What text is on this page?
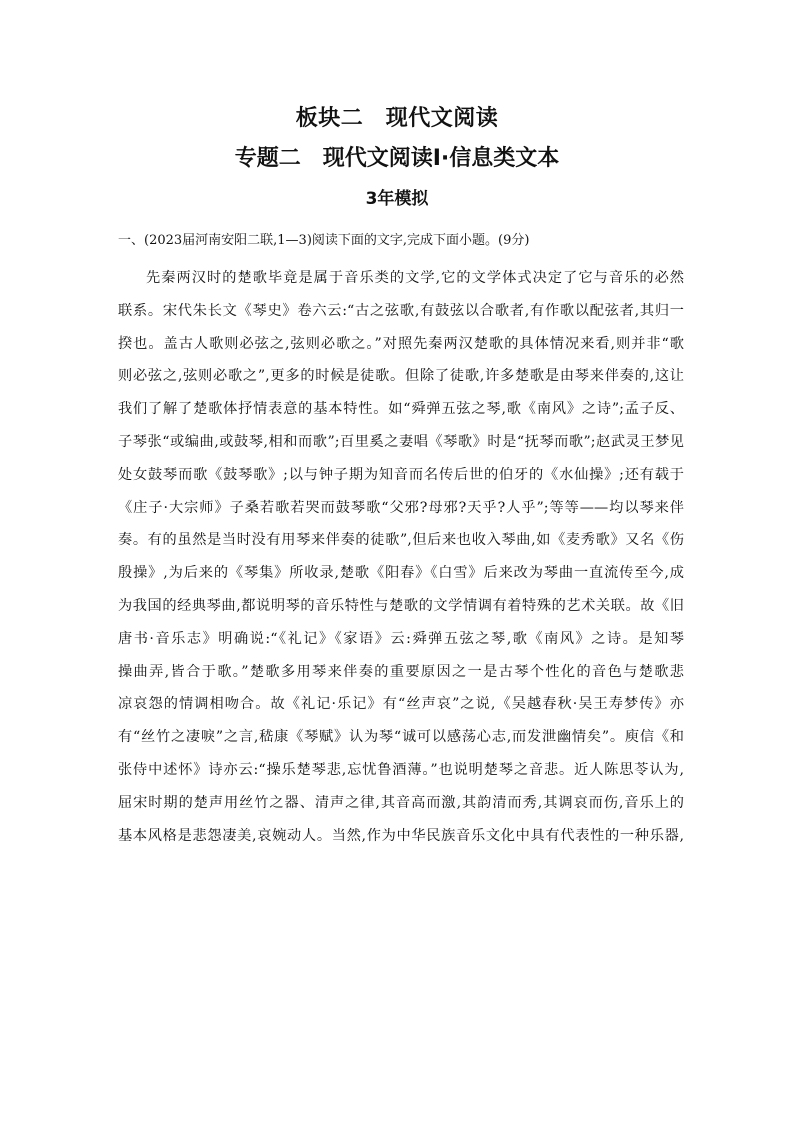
板块二　现代文阅读
专题二　现代文阅读Ⅰ·信息类文本
3年模拟
一、(2023届河南安阳二联,1—3)阅读下面的文字,完成下面小题。(9分)
先秦两汉时的楚歌毕竟是属于音乐类的文学,它的文学体式决定了它与音乐的必然
联系。宋代朱长文《琴史》卷六云:“古之弦歌,有鼓弦以合歌者,有作歌以配弦者,其归一
揆也。盖古人歌则必弦之,弦则必歌之。”对照先秦两汉楚歌的具体情况来看,则并非“歌
则必弦之,弦则必歌之”,更多的时候是徒歌。但除了徒歌,许多楚歌是由琴来伴奏的,这让
我们了解了楚歌体抒情表意的基本特性。如“舜弹五弦之琴,歌《南风》之诗”;孟子反、
子琴张“或编曲,或鼓琴,相和而歌”;百里奚之妻唱《琴歌》时是“抚琴而歌”;赵武灵王梦见
处女鼓琴而歌《鼓琴歌》;以与钟子期为知音而名传后世的伯牙的《水仙操》;还有载于
《庄子·大宗师》子桑若歌若哭而鼓琴歌“父邪?母邪?天乎?人乎”;等等——均以琴来伴
奏。有的虽然是当时没有用琴来伴奏的徒歌”,但后来也收入琴曲,如《麦秀歌》又名《伤
殷操》,为后来的《琴集》所收录,楚歌《阳春》《白雪》后来改为琴曲一直流传至今,成
为我国的经典琴曲,都说明琴的音乐特性与楚歌的文学情调有着特殊的艺术关联。故《旧
唐书·音乐志》明确说:“《礼记》《家语》云:舜弹五弦之琴,歌《南风》之诗。是知琴
操曲弄,皆合于歌。”楚歌多用琴来伴奏的重要原因之一是古琴个性化的音色与楚歌悲
凉哀怨的情调相吻合。故《礼记·乐记》有“丝声哀”之说,《吴越春秋·吴王寿梦传》亦
有“丝竹之凄唳”之言,嵇康《琴赋》认为琴“诚可以感荡心志,而发泄幽情矣”。庾信《和
张侍中述怀》诗亦云:“操乐楚琴悲,忘忧鲁酒薄。”也说明楚琴之音悲。近人陈思苓认为,
屈宋时期的楚声用丝竹之器、清声之律,其音高而激,其韵清而秀,其调哀而伤,音乐上的
基本风格是悲怨凄美,哀婉动人。当然,作为中华民族音乐文化中具有代表性的一种乐器,
